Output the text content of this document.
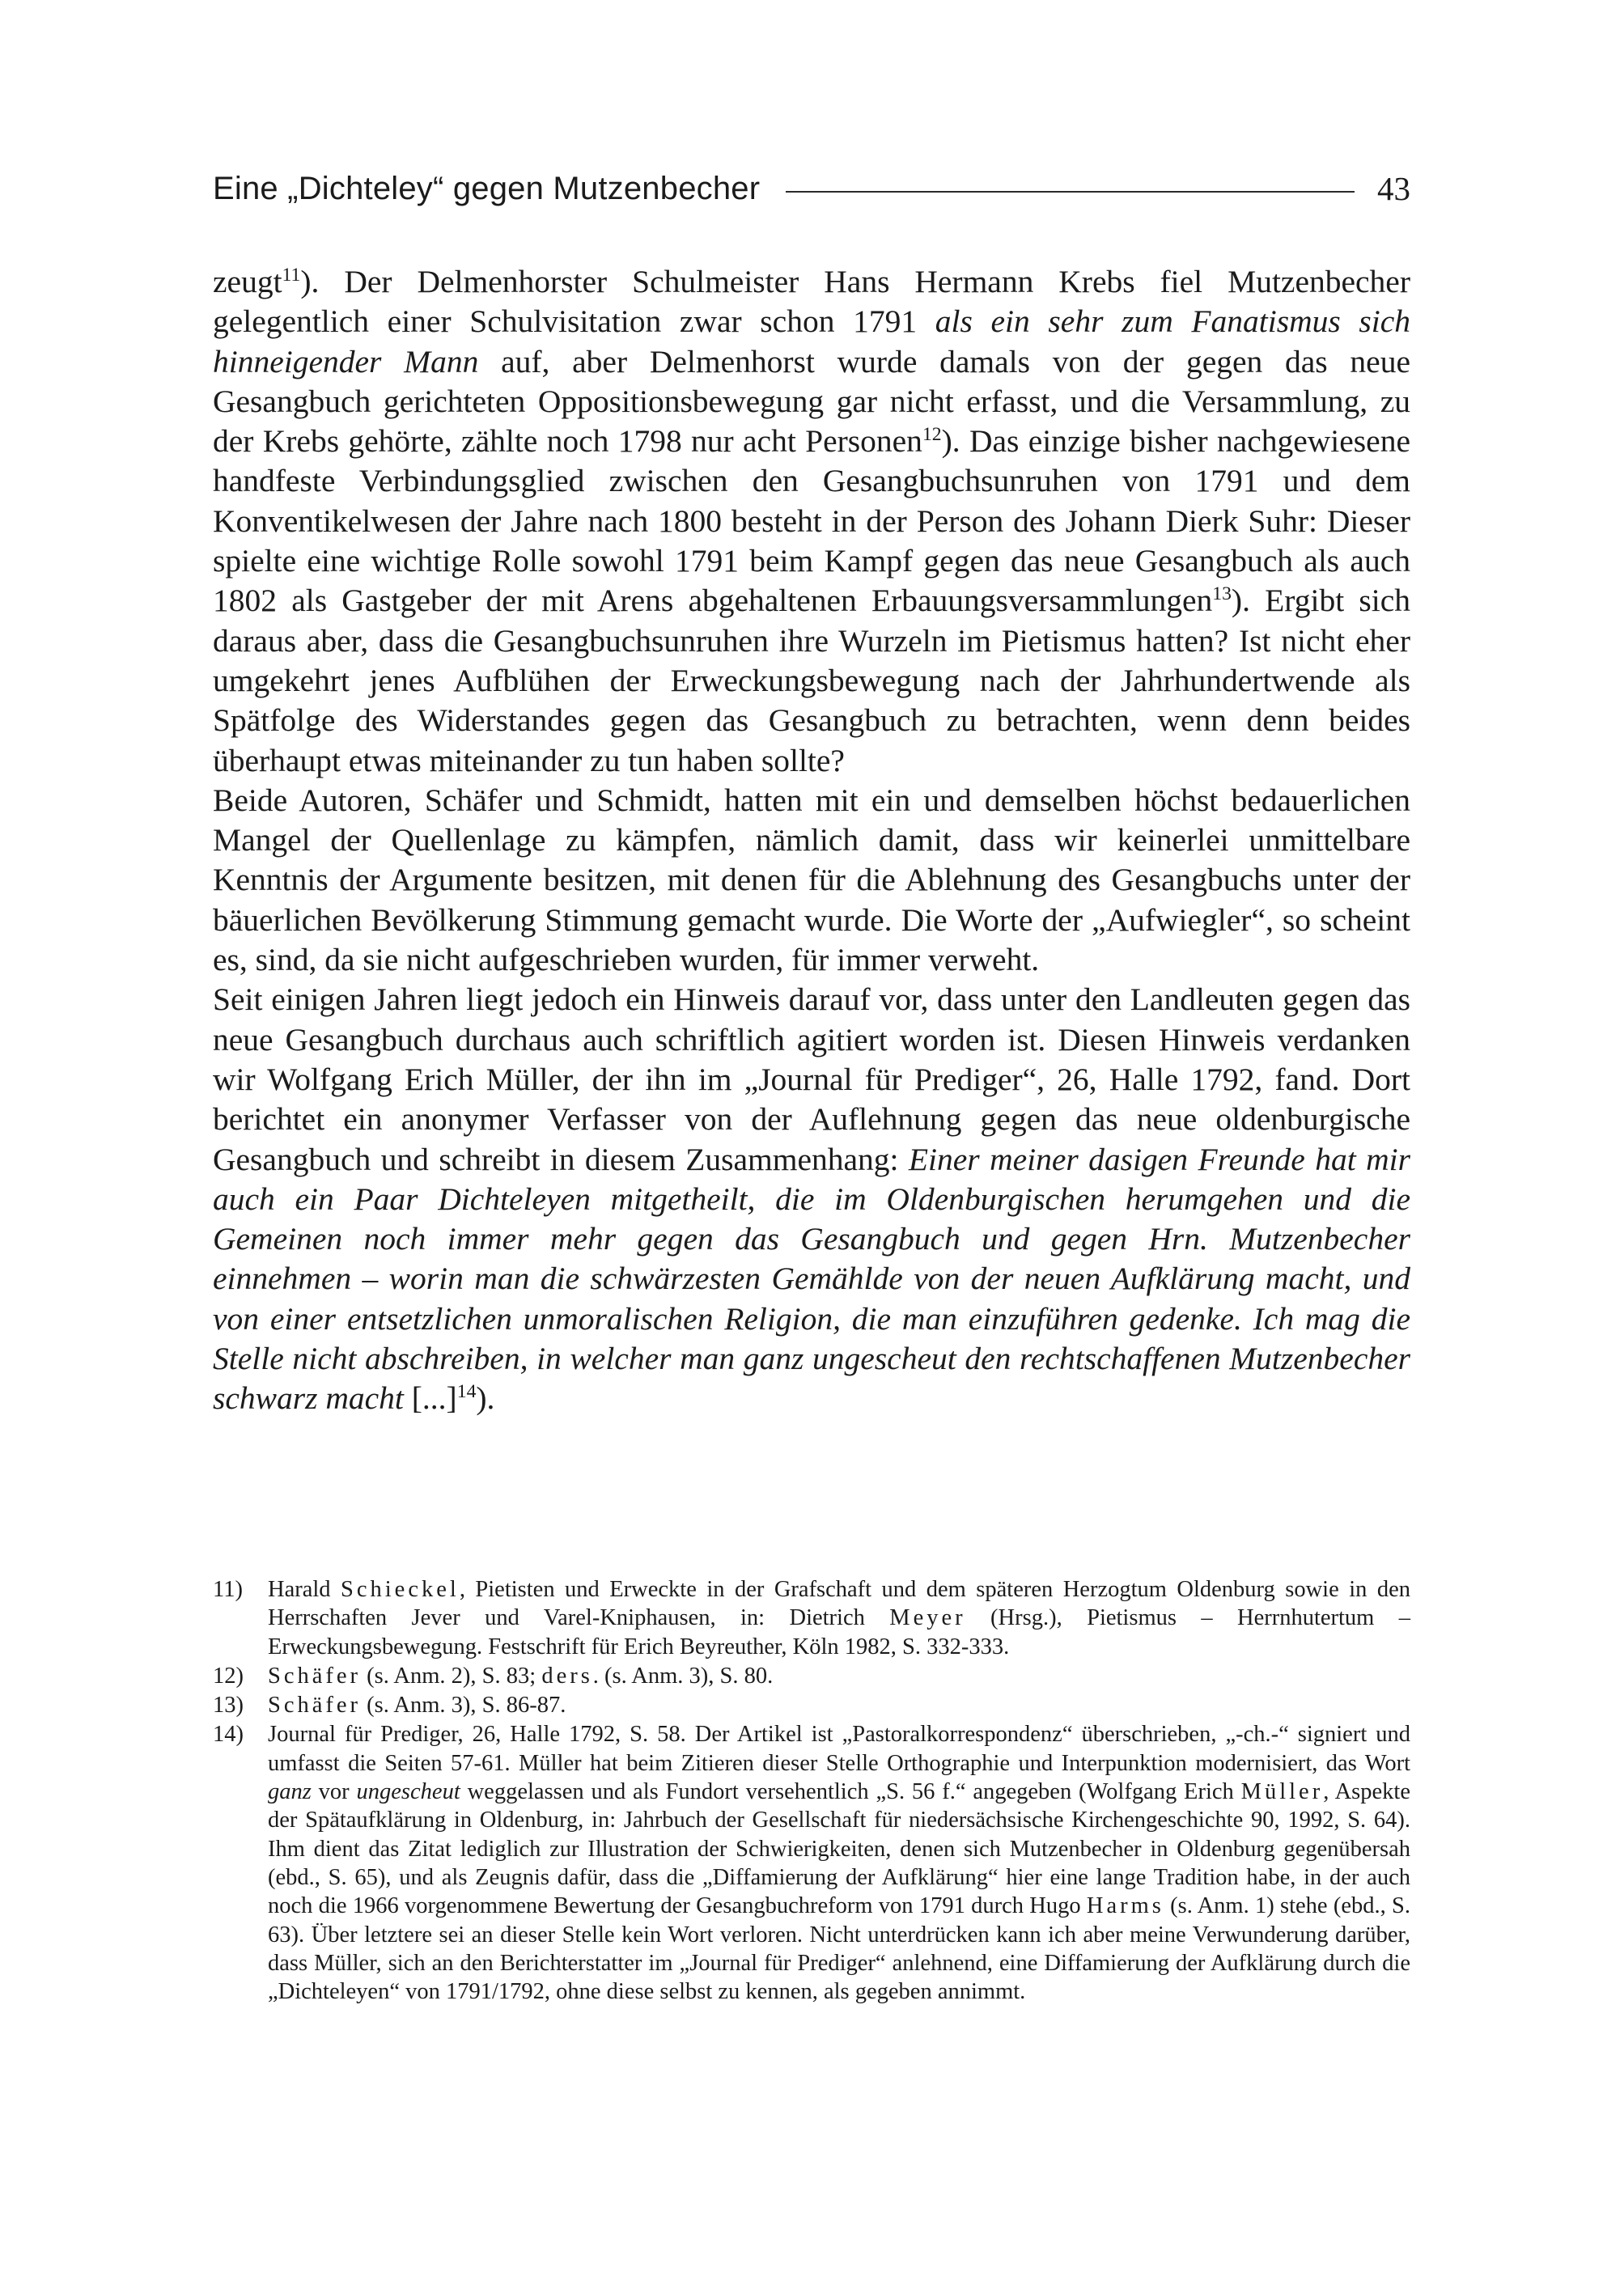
Eine „Dichteley“ gegen Mutzenbecher	43

zeugt$^{11}$). Der Delmenhorster Schulmeister Hans Hermann Krebs fiel Mutzenbecher gelegentlich einer Schulvisitation zwar schon 1791 als ein sehr zum Fanatismus sich hinneigender Mann auf, aber Delmenhorst wurde damals von der gegen das neue Gesangbuch gerichteten Oppositionsbewegung gar nicht erfasst, und die Versammlung, zu der Krebs gehörte, zählte noch 1798 nur acht Personen$^{12}$). Das einzige bisher nachgewiesene handfeste Verbindungsglied zwischen den Gesangbuchsunruhen von 1791 und dem Konventikelwesen der Jahre nach 1800 besteht in der Person des Johann Dierk Suhr: Dieser spielte eine wichtige Rolle sowohl 1791 beim Kampf gegen das neue Gesangbuch als auch 1802 als Gastgeber der mit Arens abgehaltenen Erbauungsversammlungen$^{13}$). Ergibt sich daraus aber, dass die Gesangbuchsunruhen ihre Wurzeln im Pietismus hatten? Ist nicht eher umgekehrt jenes Aufblühen der Erweckungsbewegung nach der Jahrhundertwende als Spätfolge des Widerstandes gegen das Gesangbuch zu betrachten, wenn denn beides überhaupt etwas miteinander zu tun haben sollte?

Beide Autoren, Schäfer und Schmidt, hatten mit ein und demselben höchst bedauerlichen Mangel der Quellenlage zu kämpfen, nämlich damit, dass wir keinerlei unmittelbare Kenntnis der Argumente besitzen, mit denen für die Ablehnung des Gesangbuchs unter der bäuerlichen Bevölkerung Stimmung gemacht wurde. Die Worte der „Aufwiegler“, so scheint es, sind, da sie nicht aufgeschrieben wurden, für immer verweht.

Seit einigen Jahren liegt jedoch ein Hinweis darauf vor, dass unter den Landleuten gegen das neue Gesangbuch durchaus auch schriftlich agitiert worden ist. Diesen Hinweis verdanken wir Wolfgang Erich Müller, der ihn im „Journal für Prediger“, 26, Halle 1792, fand. Dort berichtet ein anonymer Verfasser von der Auflehnung gegen das neue oldenburgische Gesangbuch und schreibt in diesem Zusammenhang: Einer meiner dasigen Freunde hat mir auch ein Paar Dichteleyen mitgetheilt, die im Oldenburgischen herumgehen und die Gemeinen noch immer mehr gegen das Gesangbuch und gegen Hrn. Mutzenbecher einnehmen – worin man die schwärzesten Gemählde von der neuen Aufklärung macht, und von einer entsetzlichen unmoralischen Religion, die man einzuführen gedenke. Ich mag die Stelle nicht abschreiben, in welcher man ganz ungescheut den rechtschaffenen Mutzenbecher schwarz macht [...]$^{14}$).

11)	Harald Schieckel, Pietisten und Erweckte in der Grafschaft und dem späteren Herzogtum Oldenburg sowie in den Herrschaften Jever und Varel-Kniphausen, in: Dietrich Meyer (Hrsg.), Pietismus – Herrnhutertum – Erweckungsbewegung. Festschrift für Erich Beyreuther, Köln 1982, S. 332-333.
12)	Schäfer (s. Anm. 2), S. 83; ders. (s. Anm. 3), S. 80.
13)	Schäfer (s. Anm. 3), S. 86-87.
14)	Journal für Prediger, 26, Halle 1792, S. 58. Der Artikel ist „Pastoralkorrespondenz“ überschrieben, „-ch.-“ signiert und umfasst die Seiten 57-61. Müller hat beim Zitieren dieser Stelle Orthographie und Interpunktion modernisiert, das Wort ganz vor ungescheut weggelassen und als Fundort versehentlich „S. 56 f.“ angegeben (Wolfgang Erich Müller, Aspekte der Spätaufklärung in Oldenburg, in: Jahrbuch der Gesellschaft für niedersächsische Kirchengeschichte 90, 1992, S. 64). Ihm dient das Zitat lediglich zur Illustration der Schwierigkeiten, denen sich Mutzenbecher in Oldenburg gegenübersah (ebd., S. 65), und als Zeugnis dafür, dass die „Diffamierung der Aufklärung“ hier eine lange Tradition habe, in der auch noch die 1966 vorgenommene Bewertung der Gesangbuchreform von 1791 durch Hugo Harms (s. Anm. 1) stehe (ebd., S. 63). Über letztere sei an dieser Stelle kein Wort verloren. Nicht unterdrücken kann ich aber meine Verwunderung darüber, dass Müller, sich an den Berichterstatter im „Journal für Prediger“ anlehnend, eine Diffamierung der Aufklärung durch die „Dichteleyen“ von 1791/1792, ohne diese selbst zu kennen, als gegeben annimmt.
